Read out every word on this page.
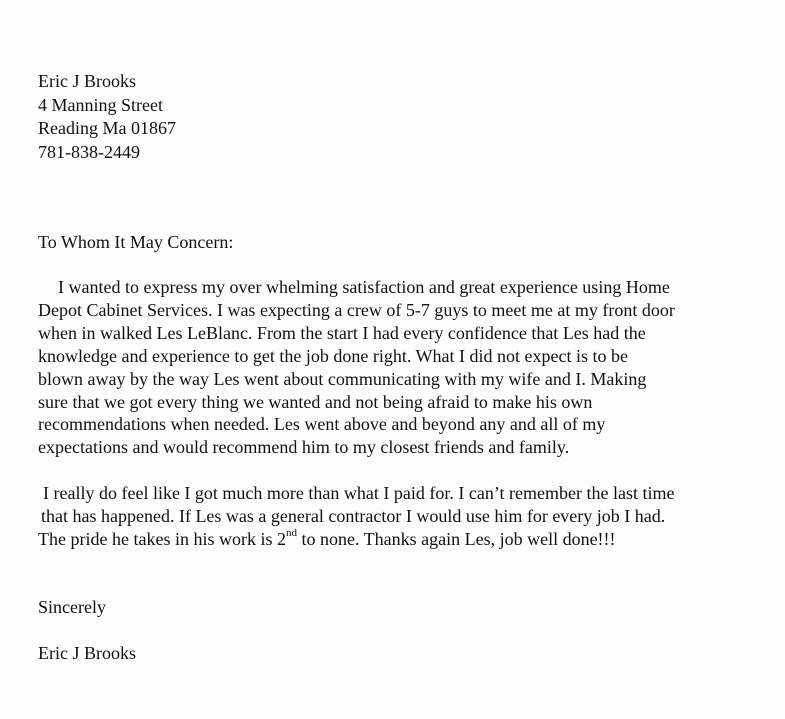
Eric J Brooks
4 Manning Street
Reading Ma 01867
781-838-2449
To Whom It May Concern:
I wanted to express my over whelming satisfaction and great experience using Home
Depot Cabinet Services. I was expecting a crew of 5-7 guys to meet me at my front door
when in walked Les LeBlanc. From the start I had every confidence that Les had the
knowledge and experience to get the job done right. What I did not expect is to be
blown away by the way Les went about communicating with my wife and I. Making
sure that we got every thing we wanted and not being afraid to make his own
recommendations when needed. Les went above and beyond any and all of my
expectations and would recommend him to my closest friends and family.
I really do feel like I got much more than what I paid for. I can’t remember the last time
that has happened. If Les was a general contractor I would use him for every job I had.
The pride he takes in his work is 2nd to none. Thanks again Les, job well done!!!
Sincerely
Eric J Brooks
